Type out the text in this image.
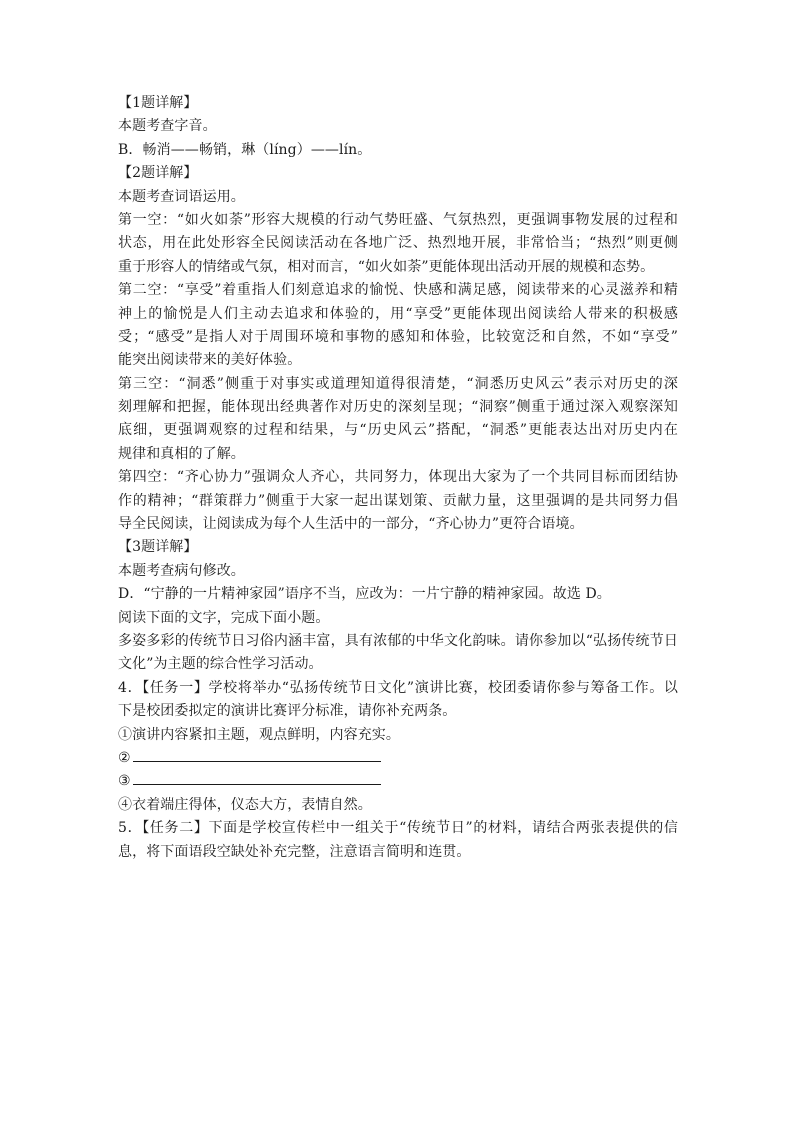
【1题详解】
本题考查字音。
B．畅消——畅销，琳（líng）——lín。
【2题详解】
本题考查词语运用。
第一空：“如火如荼”形容大规模的行动气势旺盛、气氛热烈，更强调事物发展的过程和
状态，用在此处形容全民阅读活动在各地广泛、热烈地开展，非常恰当；“热烈”则更侧
重于形容人的情绪或气氛，相对而言，“如火如荼”更能体现出活动开展的规模和态势。
第二空：“享受”着重指人们刻意追求的愉悦、快感和满足感，阅读带来的心灵滋养和精
神上的愉悦是人们主动去追求和体验的，用“享受”更能体现出阅读给人带来的积极感
受；“感受”是指人对于周围环境和事物的感知和体验，比较宽泛和自然，不如“享受”
能突出阅读带来的美好体验。
第三空：“洞悉”侧重于对事实或道理知道得很清楚，“洞悉历史风云”表示对历史的深
刻理解和把握，能体现出经典著作对历史的深刻呈现；“洞察”侧重于通过深入观察深知
底细，更强调观察的过程和结果，与“历史风云”搭配，“洞悉”更能表达出对历史内在
规律和真相的了解。
第四空：“齐心协力”强调众人齐心，共同努力，体现出大家为了一个共同目标而团结协
作的精神；“群策群力”侧重于大家一起出谋划策、贡献力量，这里强调的是共同努力倡
导全民阅读，让阅读成为每个人生活中的一部分，“齐心协力”更符合语境。
【3题详解】
本题考查病句修改。
D．“宁静的一片精神家园”语序不当，应改为：一片宁静的精神家园。故选 D。
阅读下面的文字，完成下面小题。
多姿多彩的传统节日习俗内涵丰富，具有浓郁的中华文化韵味。请你参加以“弘扬传统节日
文化”为主题的综合性学习活动。
4．【任务一】学校将举办“弘扬传统节日文化”演讲比赛，校团委请你参与筹备工作。以
下是校团委拟定的演讲比赛评分标准，请你补充两条。
①演讲内容紧扣主题，观点鲜明，内容充实。
②
③
④衣着端庄得体，仪态大方，表情自然。
5．【任务二】下面是学校宣传栏中一组关于“传统节日”的材料，请结合两张表提供的信
息，将下面语段空缺处补充完整，注意语言简明和连贯。
